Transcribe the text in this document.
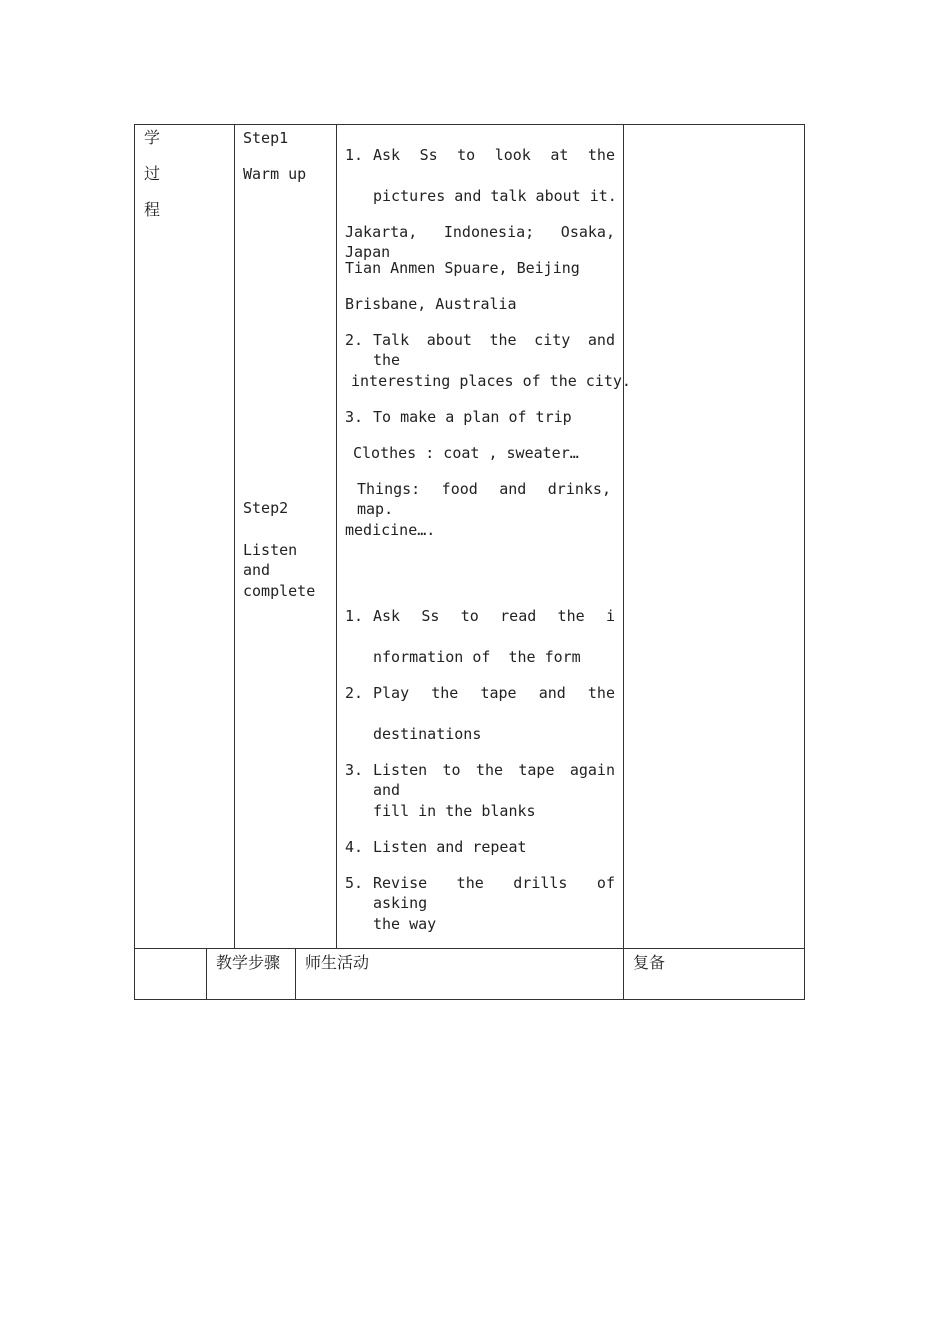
学
过
程
Step1
Warm up
Step2
Listen and
complete
1. Ask Ss to look at the
pictures and talk about it.
Jakarta, Indonesia; Osaka, Japan
Tian Anmen Spuare, Beijing
Brisbane, Australia
2. Talk about the city and the
interesting places of the city.
3. To make a plan of trip
Clothes : coat , sweater…
Things: food and drinks, map.
medicine….
1. Ask Ss to read the i
nformation of  the form
2. Play the tape and the
destinations
3. Listen to the tape again and
fill in the blanks
4. Listen and repeat
5. Revise the drills of asking
the way
教学步骤 师生活动	复备
